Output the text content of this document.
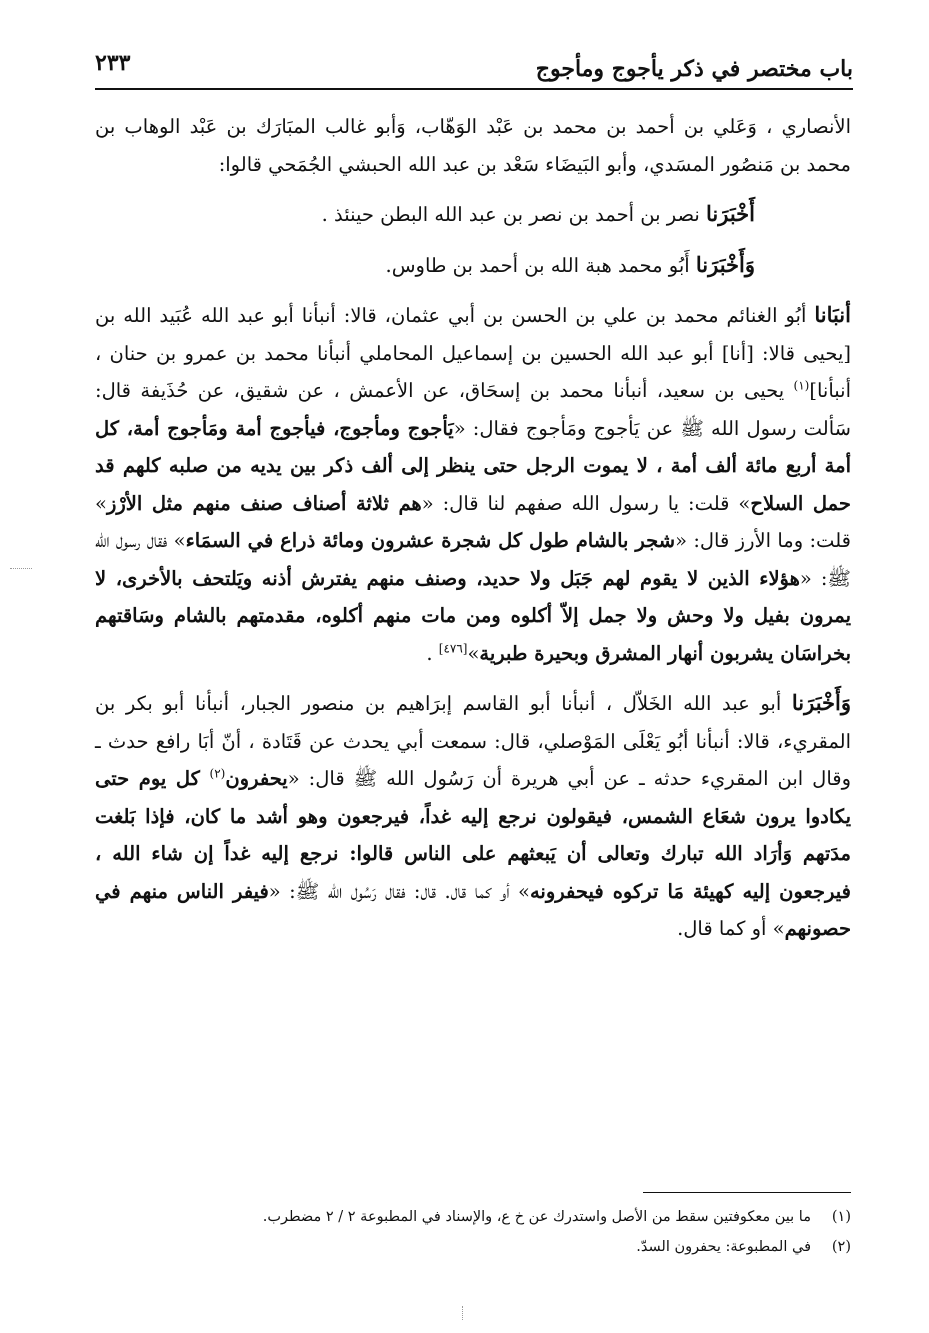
باب مختصر في ذكر يأجوج ومأجوج
٢٣٣

الأنصاري ، وَعَلي بن أحمد بن محمد بن عَبْد الوَهّاب، وَأبو غالب المبَارَك بن عَبْد الوهاب بن محمد بن مَنصُور المسَدي، وأبو البَيضَاء سَعْد بن عبد الله الحبشي الجُمَحي قالوا:

أَخْبَرَنا نصر بن أحمد بن نصر بن عبد الله البطن حينئذ .

وَأَخْبَرَنا أَبُو محمد هبة الله بن أحمد بن طاوس.

أنبَانا أبُو الغنائم محمد بن علي بن الحسن بن أبي عثمان، قالا: أنبأنا أبو عبد الله عُبَيد الله بن [يحيى قالا: [أنا] أبو عبد الله الحسين بن إسماعيل المحاملي أنبأنا محمد بن عمرو بن حنان ، أنبأنا]$^{(١)}$ يحيى بن سعيد، أنبأنا محمد بن إسحَاق، عن الأعمش ، عن شقيق، عن حُذَيفة قال: سَألت رسول الله ﷺ عن يَأجوج ومَأجوج فقال: «يَأجوج ومأجوج، فيأجوج أمة ومَأجوج أمة، كل أمة أربع مائة ألف أمة ، لا يموت الرجل حتى ينظر إلى ألف ذكر بين يديه من صلبه كلهم قد حمل السلاح» قلت: يا رسول الله صفهم لنا قال: «هم ثلاثة أصناف صنف منهم مثل الأرْز» قلت: وما الأرز قال: «شجر بالشام طول كل شجرة عشرون ومائة ذراع في السمَاء» فقال رسول الله ﷺ: «هؤلاء الذين لا يقوم لهم جَبَل ولا حديد، وصنف منهم يفترش أذنه ويَلتحف بالأخرى، لا يمرون بفيل ولا وحش ولا جمل إلاّ أكلوه ومن مات منهم أكلوه، مقدمتهم بالشام وسَاقتهم بخراسَان يشربون أنهار المشرق وبحيرة طبرية»[٤٧٦] .

وَأَخْبَرَنا أبو عبد الله الخَلاّل ، أنبأنا أبو القاسم إبرَاهيم بن منصور الجبار، أنبأنا أبو بكر بن المقريء، قالا: أنبأنا أبُو يَعْلَى المَوْصلي، قال: سمعت أبي يحدث عن قَتَادة ، أنّ أبَا رافع حدث ـ وقال ابن المقريء حدثه ـ عن أبي هريرة أن رَسُول الله ﷺ قال: «يحفرون$^{(٢)}$ كل يوم حتى يكادوا يرون شعَاع الشمس، فيقولون نرجع إليه غداً، فيرجعون وهو أشد ما كان، فإذا بَلغت مدَتهم وَأرَاد الله تبارك وتعالى أن يَبعثهم على الناس قالوا: نرجع إليه غداً إن شاء الله ، فيرجعون إليه كهيئة مَا تركوه فيحفرونه» أو كما قال. قال: فقال رَسُول الله ﷺ: «فيفر الناس منهم في حصونهم» أو كما قال.

(١)
ما بين معكوفتين سقط من الأصل واستدرك عن خ ع، والإسناد في المطبوعة ٢ / ٢ مضطرب.
(٢)
في المطبوعة: يحفرون السدّ.
